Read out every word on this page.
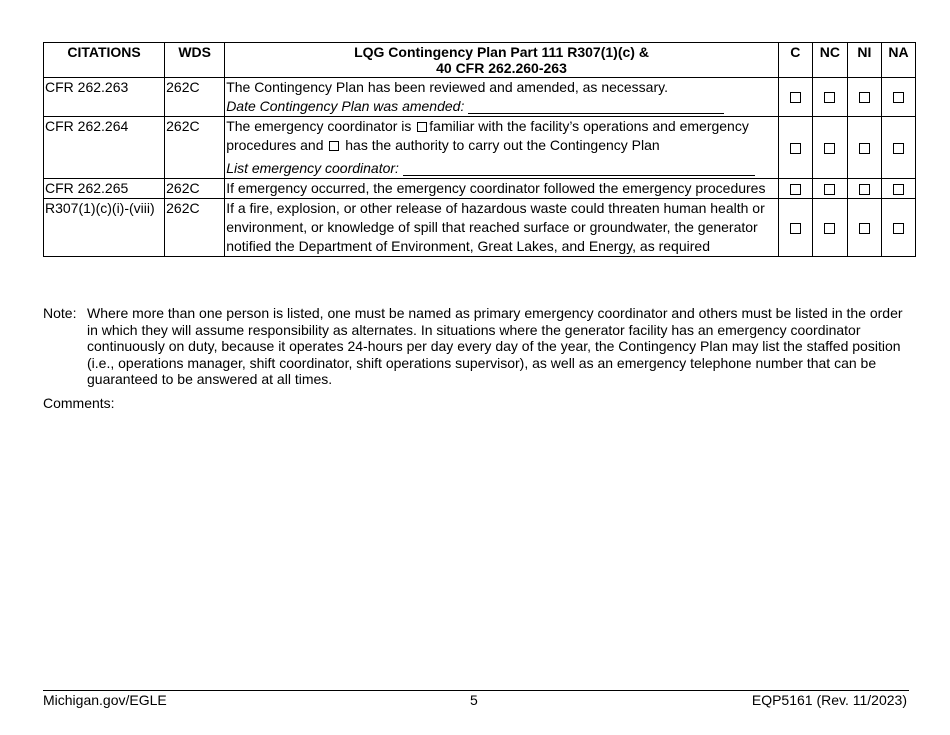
CITATIONS	WDS	LQG Contingency Plan Part 111 R307(1)(c) &
40 CFR 262.260-263	C	NC	NI	NA
CFR 262.263	262C	The Contingency Plan has been reviewed and amended, as necessary.
Date Contingency Plan was amended:				

CFR 262.264	262C	The emergency coordinator is familiar with the facility’s operations and emergency procedures and has the authority to carry out the Contingency Plan
List emergency coordinator:				

CFR 262.265	262C	If emergency occurred, the emergency coordinator followed the emergency procedures				
R307(1)(c)(i)-(viii)	262C	If a fire, explosion, or other release of hazardous waste could threaten human health or environment, or knowledge of spill that reached surface or groundwater, the generator notified the Department of Environment, Great Lakes, and Energy, as required				
Note: Where more than one person is listed, one must be named as primary emergency coordinator and others must be listed in the order in which they will assume responsibility as alternates. In situations where the generator facility has an emergency coordinator continuously on duty, because it operates 24-hours per day every day of the year, the Contingency Plan may list the staffed position (i.e., operations manager, shift coordinator, shift operations supervisor), as well as an emergency telephone number that can be guaranteed to be answered at all times.
Comments:
Michigan.gov/EGLE	5	EQP5161 (Rev. 11/2023)
